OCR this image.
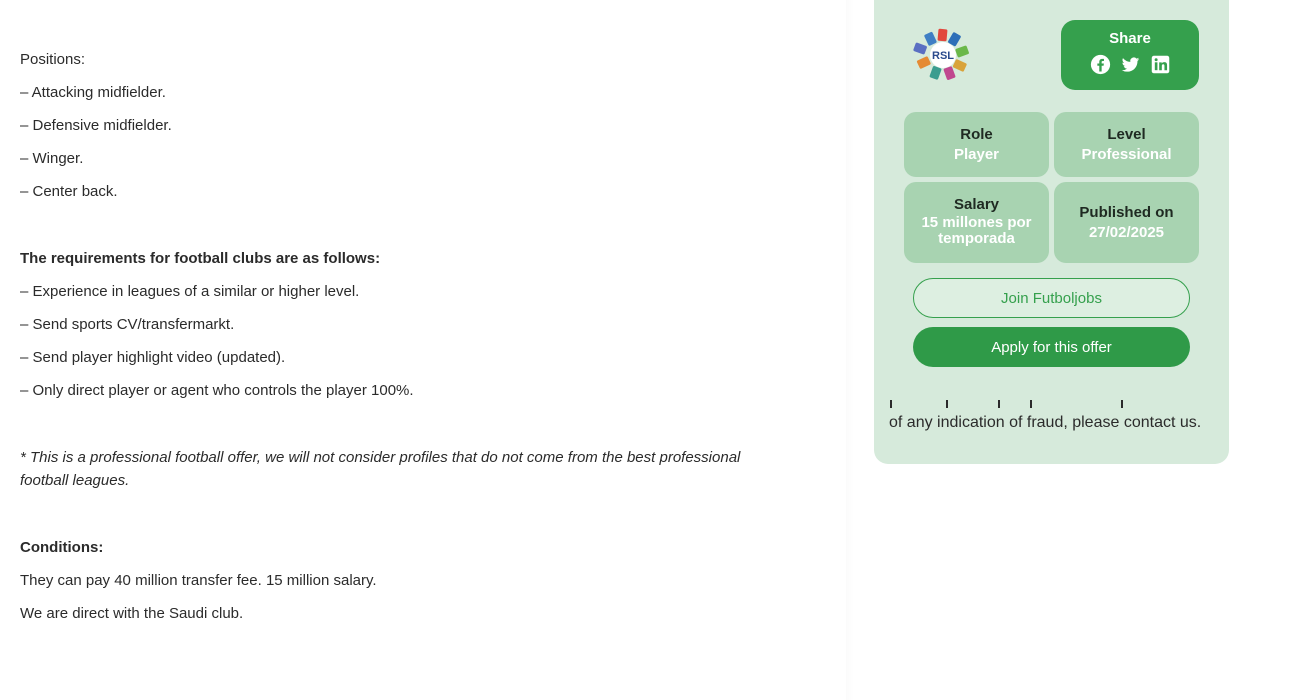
Positions:

– Attacking midfielder.

– Defensive midfielder.

– Winger.

– Center back.

The requirements for football clubs are as follows:

– Experience in leagues of a similar or higher level.

– Send sports CV/transfermarkt.

– Send player highlight video (updated).

– Only direct player or agent who controls the player 100%.

* This is a professional football offer, we will not consider profiles that do not come from the best professional football leagues.

Conditions:

They can pay 40 million transfer fee. 15 million salary.

We are direct with the Saudi club.

RSL
Share
Role
Player
Level
Professional
Salary
15 millones por temporada
Published on
27/02/2025
Join Futboljobs
Apply for this offer
of any indication of fraud, please contact us.
